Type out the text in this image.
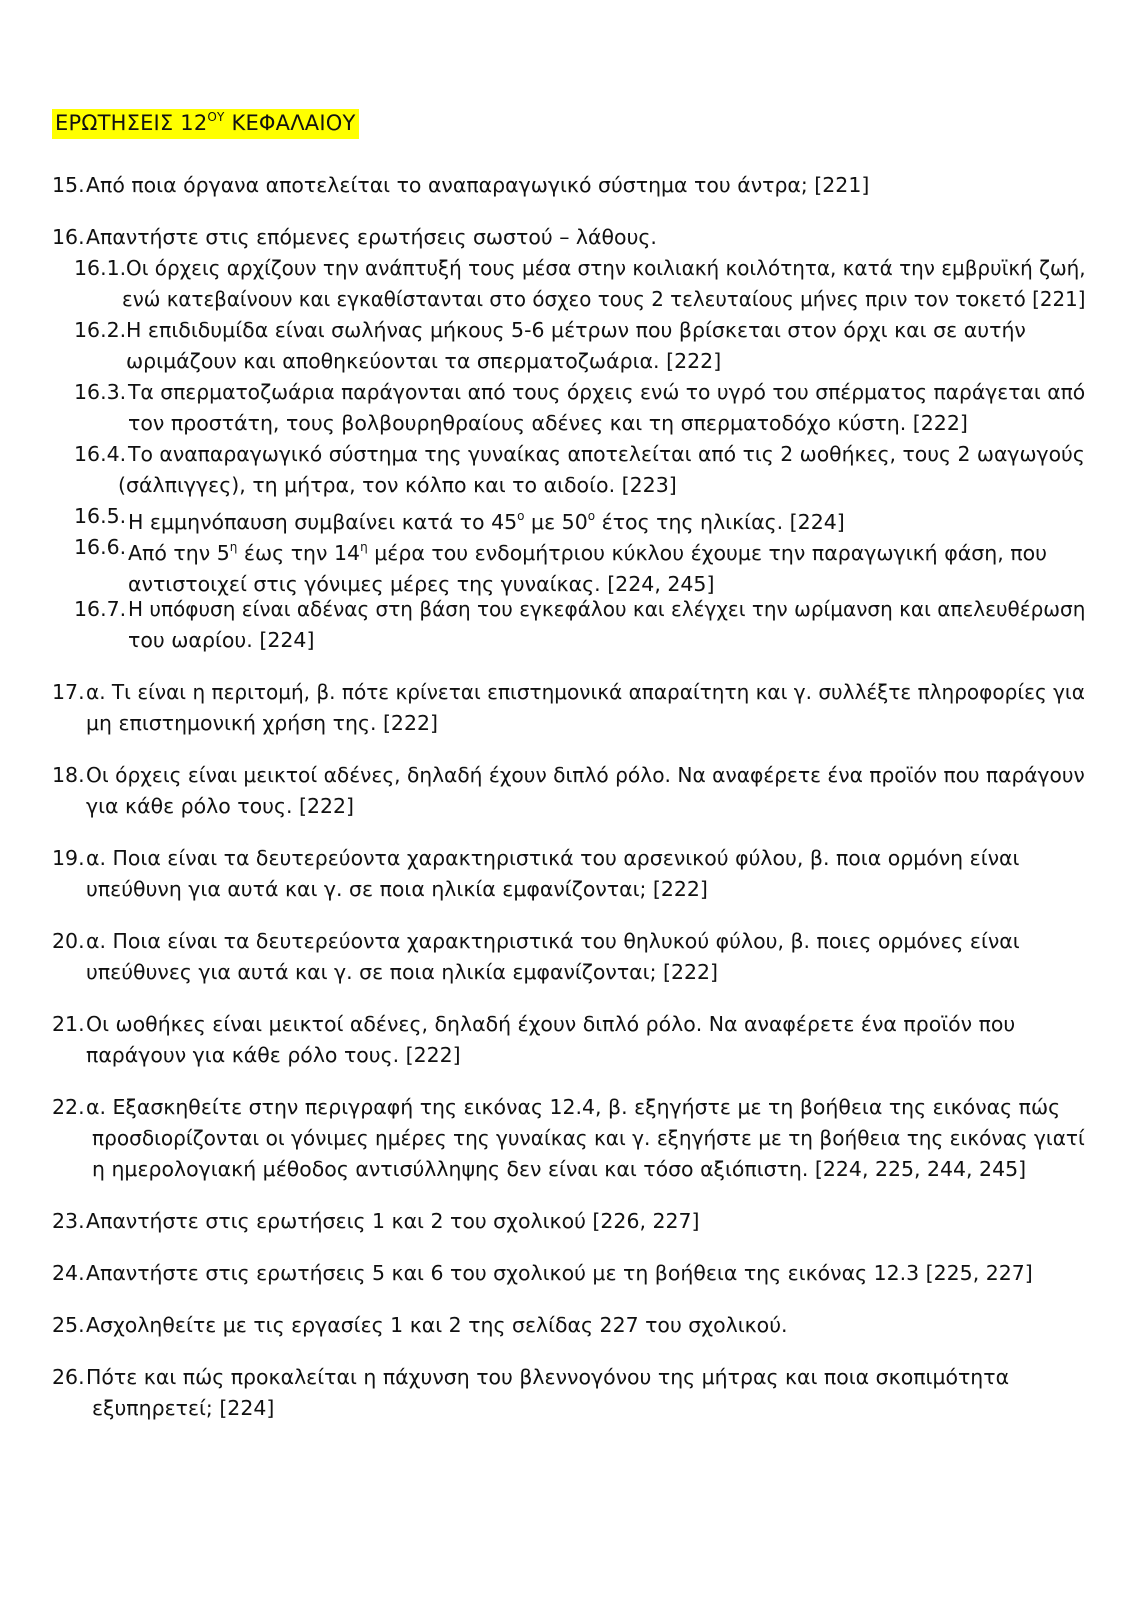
ΕΡΩΤΗΣΕΙΣ $12^{O\Upsilon}$ ΚΕΦΑΛΑΙΟΥ
15. Από ποια όργανα αποτελείται το αναπαραγωγικό σύστημα του άντρα; [221]
16. Απαντήστε στις επόμενες ερωτήσεις σωστού – λάθους.
16.1. Οι όρχεις αρχίζουν την ανάπτυξή τους μέσα στην κοιλιακή κοιλότητα, κατά την εμβρυϊκή ζωή,
ενώ κατεβαίνουν και εγκαθίστανται στο όσχεο τους 2 τελευταίους μήνες πριν τον τοκετό [221]
16.2. Η επιδιδυμίδα είναι σωλήνας μήκους 5-6 μέτρων που βρίσκεται στον όρχι και σε αυτήν
ωριμάζουν και αποθηκεύονται τα σπερματοζωάρια. [222]
16.3. Τα σπερματοζωάρια παράγονται από τους όρχεις ενώ το υγρό του σπέρματος παράγεται από
τον προστάτη, τους βολβουρηθραίους αδένες και τη σπερματοδόχο κύστη. [222]
16.4. Το αναπαραγωγικό σύστημα της γυναίκας αποτελείται από τις 2 ωοθήκες, τους 2 ωαγωγούς
(σάλπιγγες), τη μήτρα, τον κόλπο και το αιδοίο. [223]
16.5. Η εμμηνόπαυση συμβαίνει κατά το $45^o$ με $50^o$ έτος της ηλικίας. [224]
16.6. Από την $5^\eta$ έως την $14^\eta$ μέρα του ενδομήτριου κύκλου έχουμε την παραγωγική φάση, που
αντιστοιχεί στις γόνιμες μέρες της γυναίκας. [224, 245]
16.7. Η υπόφυση είναι αδένας στη βάση του εγκεφάλου και ελέγχει την ωρίμανση και απελευθέρωση
του ωαρίου. [224]
17. α. Τι είναι η περιτομή, β. πότε κρίνεται επιστημονικά απαραίτητη και γ. συλλέξτε πληροφορίες για
μη επιστημονική χρήση της. [222]
18. Οι όρχεις είναι μεικτοί αδένες, δηλαδή έχουν διπλό ρόλο. Να αναφέρετε ένα προϊόν που παράγουν
για κάθε ρόλο τους. [222]
19. α. Ποια είναι τα δευτερεύοντα χαρακτηριστικά του αρσενικού φύλου, β. ποια ορμόνη είναι
υπεύθυνη για αυτά και γ. σε ποια ηλικία εμφανίζονται; [222]
20. α. Ποια είναι τα δευτερεύοντα χαρακτηριστικά του θηλυκού φύλου, β. ποιες ορμόνες είναι
υπεύθυνες για αυτά και γ. σε ποια ηλικία εμφανίζονται; [222]
21. Οι ωοθήκες είναι μεικτοί αδένες, δηλαδή έχουν διπλό ρόλο. Να αναφέρετε ένα προϊόν που
παράγουν για κάθε ρόλο τους. [222]
22. α. Εξασκηθείτε στην περιγραφή της εικόνας 12.4, β. εξηγήστε με τη βοήθεια της εικόνας πώς
προσδιορίζονται οι γόνιμες ημέρες της γυναίκας και γ. εξηγήστε με τη βοήθεια της εικόνας γιατί
η ημερολογιακή μέθοδος αντισύλληψης δεν είναι και τόσο αξιόπιστη. [224, 225, 244, 245]
23. Απαντήστε στις ερωτήσεις 1 και 2 του σχολικού [226, 227]
24. Απαντήστε στις ερωτήσεις 5 και 6 του σχολικού με τη βοήθεια της εικόνας 12.3 [225, 227]
25. Ασχοληθείτε με τις εργασίες 1 και 2 της σελίδας 227 του σχολικού.
26. Πότε και πώς προκαλείται η πάχυνση του βλεννογόνου της μήτρας και ποια σκοπιμότητα
εξυπηρετεί; [224]
